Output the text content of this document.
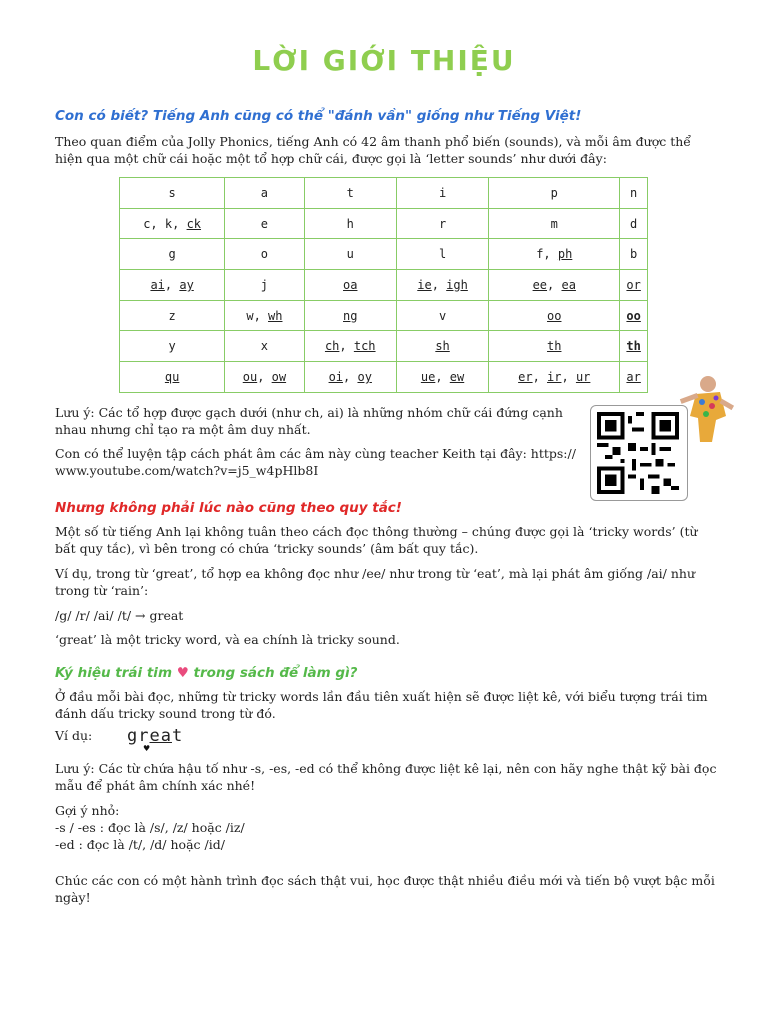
LỜI GIỚI THIỆU
Con có biết? Tiếng Anh cũng có thể "đánh vần" giống như Tiếng Việt!
Theo quan điểm của Jolly Phonics, tiếng Anh có 42 âm thanh phổ biến (sounds), và mỗi âm được thể hiện qua một chữ cái hoặc một tổ hợp chữ cái, được gọi là ‘letter sounds’ như dưới đây:
s	a	t	i	p	n
c, k, ck	e	h	r	m	d
g	o	u	l	f, ph	b
ai, ay	j	oa	ie, igh	ee, ea	or
z	w, wh	ng	v	oo	oo
y	x	ch, tch	sh	th	th
qu	ou, ow	oi, oy	ue, ew	er, ir, ur	ar
Lưu ý: Các tổ hợp được gạch dưới (như ch, ai) là những nhóm chữ cái đứng cạnh nhau nhưng chỉ tạo ra một âm duy nhất.
Con có thể luyện tập cách phát âm các âm này cùng teacher Keith tại đây: https://www.youtube.com/watch?v=j5_w4pHlb8I
Nhưng không phải lúc nào cũng theo quy tắc!
Một số từ tiếng Anh lại không tuân theo cách đọc thông thường – chúng được gọi là ‘tricky words’ (từ bất quy tắc), vì bên trong có chứa ‘tricky sounds’ (âm bất quy tắc).
Ví dụ, trong từ ‘great’, tổ hợp ea không đọc như /ee/ như trong từ ‘eat’, mà lại phát âm giống /ai/ như trong từ ‘rain’:
/g/ /r/ /ai/ /t/ → great
‘great’ là một tricky word, và ea chính là tricky sound.
Ký hiệu trái tim ♥ trong sách để làm gì?
Ở đầu mỗi bài đọc, những từ tricky words lần đầu tiên xuất hiện sẽ được liệt kê, với biểu tượng trái tim đánh dấu tricky sound trong từ đó.
Ví dụ:	great
♥
Lưu ý: Các từ chứa hậu tố như -s, -es, -ed có thể không được liệt kê lại, nên con hãy nghe thật kỹ bài đọc mẫu để phát âm chính xác nhé!
Gợi ý nhỏ:
-s / -es : đọc là /s/, /z/ hoặc /iz/
-ed : đọc là /t/, /d/ hoặc /id/
Chúc các con có một hành trình đọc sách thật vui, học được thật nhiều điều mới và tiến bộ vượt bậc mỗi ngày!
